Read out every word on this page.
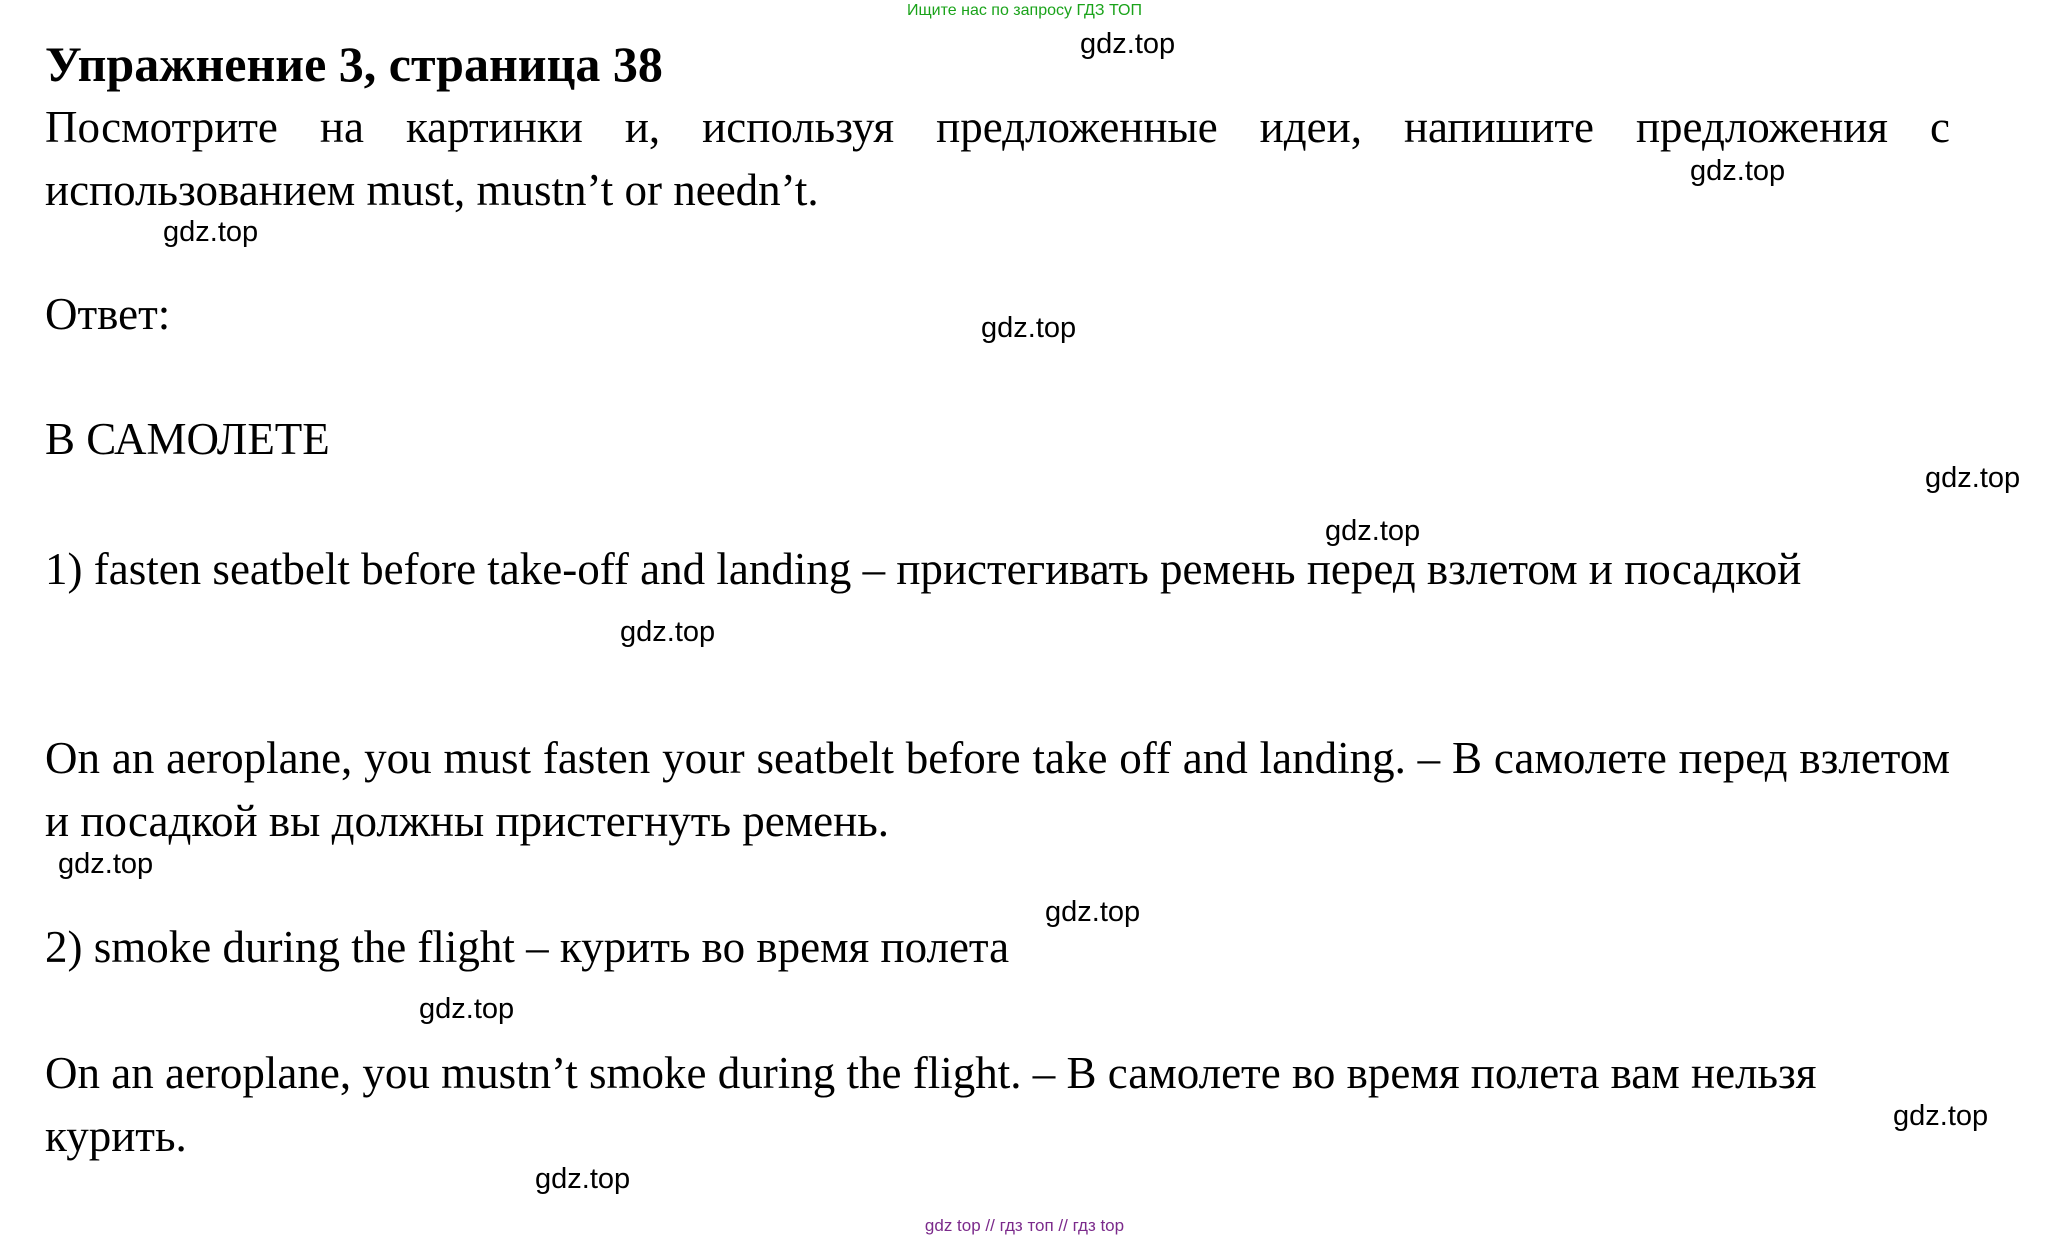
Ищите нас по запросу ГДЗ ТОП
Упражнение 3, страница 38
Посмотрите на картинки и, используя предложенные идеи, напишите предложения с использованием must, mustn’t or needn’t.
Ответ:
В САМОЛЕТЕ
1) fasten seatbelt before take-off and landing – пристегивать ремень перед взлетом и посадкой
On an aeroplane, you must fasten your seatbelt before take off and landing. – В самолете перед взлетом и посадкой вы должны пристегнуть ремень.
2) smoke during the flight – курить во время полета
On an aeroplane, you mustn’t smoke during the flight. – В самолете во время полета вам нельзя курить.
gdz.top
gdz.top
gdz.top
gdz.top
gdz.top
gdz.top
gdz.top
gdz.top
gdz.top
gdz.top
gdz.top
gdz.top
gdz top // гдз топ // гдз top
